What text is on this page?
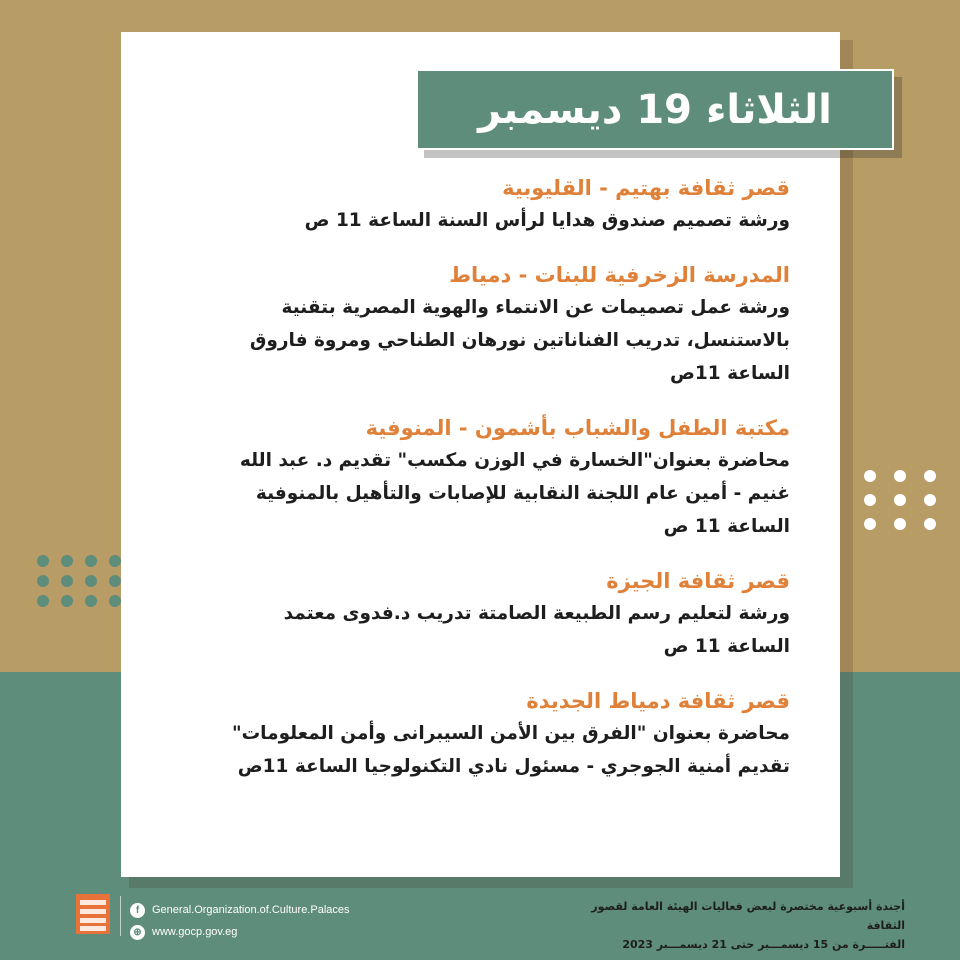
الثلاثاء 19 ديسمبر
قصر ثقافة بهتيم - القليوبية
ورشة تصميم صندوق هدايا لرأس السنة الساعة 11 ص
المدرسة الزخرفية للبنات - دمياط
ورشة عمل تصميمات عن الانتماء والهوية المصرية بتقنية
بالاستنسل، تدريب الفناناتين نورهان الطناحي ومروة فاروق
الساعة 11ص
مكتبة الطفل والشباب بأشمون - المنوفية
محاضرة بعنوان"الخسارة في الوزن مكسب" تقديم د. عبد الله
غنيم - أمين عام اللجنة النقابية للإصابات والتأهيل بالمنوفية
الساعة 11 ص
قصر ثقافة الجيزة
ورشة لتعليم رسم الطبيعة الصامتة تدريب د.فدوى معتمد
الساعة 11 ص
قصر ثقافة دمياط الجديدة
محاضرة بعنوان "الفرق بين الأمن السيبرانى وأمن المعلومات"
تقديم أمنية الجوجري - مسئول نادي التكنولوجيا الساعة 11ص
f	General.Organization.of.Culture.Palaces
⊕ www.gocp.gov.eg
أجندة أسبوعية مختصرة لبعض فعاليات الهيئة العامة لقصور الثقافة
الفتـــــرة من 15 ديسمـــبر حتى 21 ديسمـــبر 2023
